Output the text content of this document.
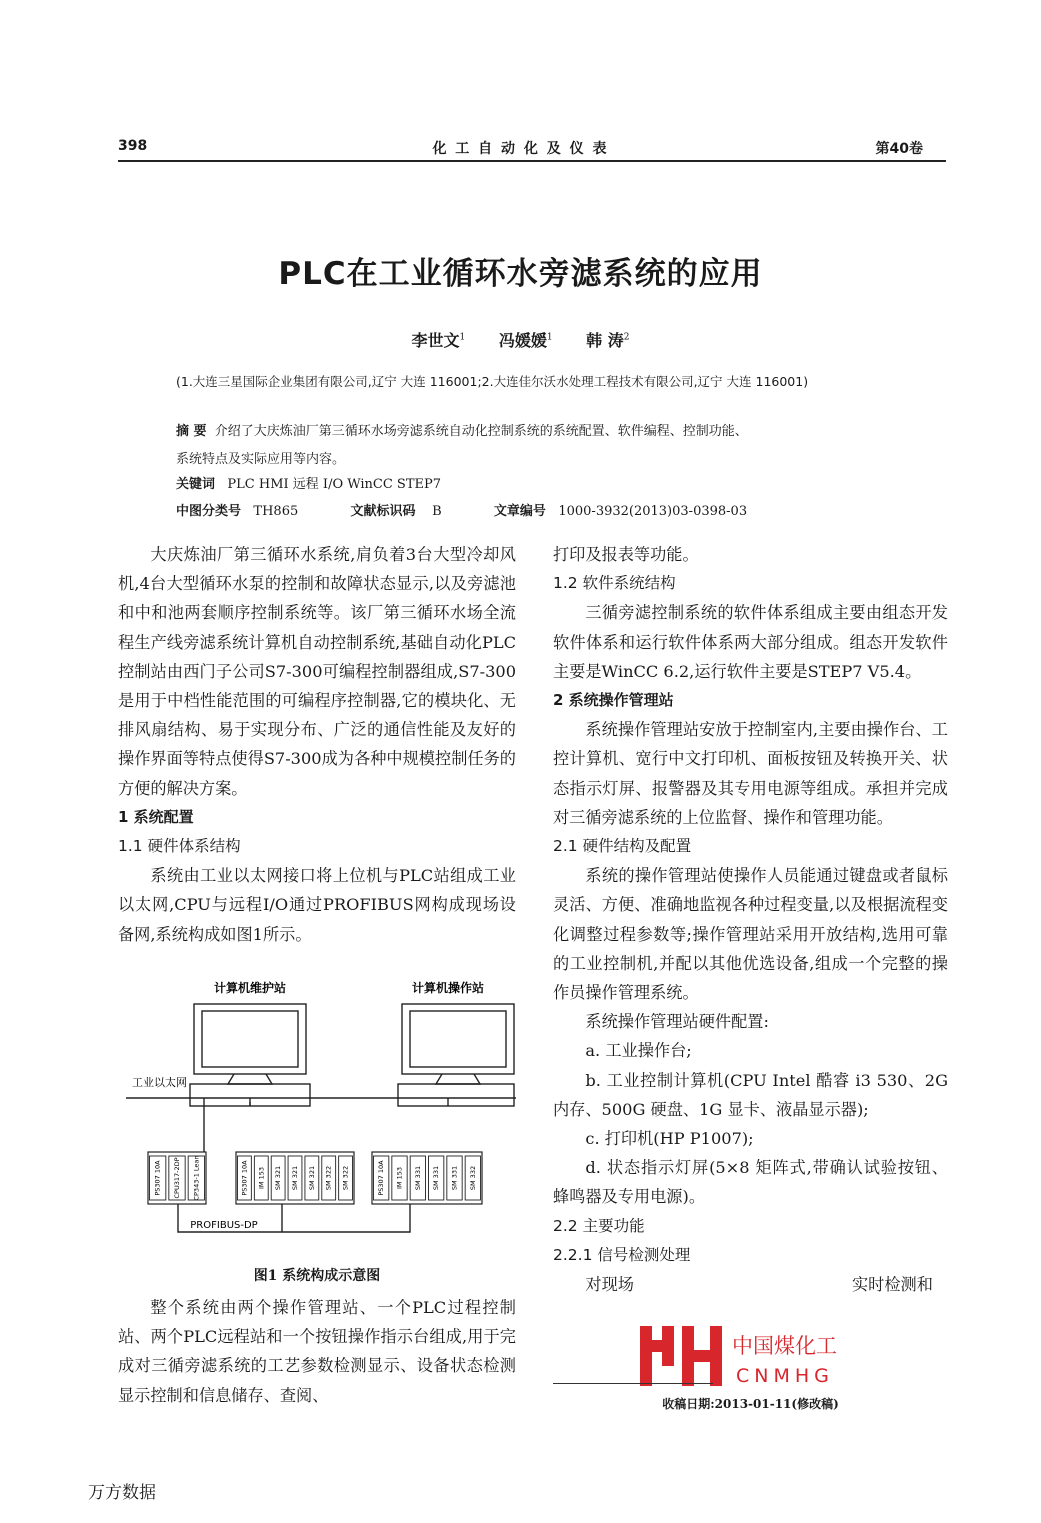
398	化 工 自 动 化 及 仪 表	第40卷
PLC在工业循环水旁滤系统的应用
李世文$^1$ 冯媛媛$^1$ 韩 涛$^2$
(1.大连三星国际企业集团有限公司,辽宁 大连 116001;2.大连佳尔沃水处理工程技术有限公司,辽宁 大连 116001)
摘 要 介绍了大庆炼油厂第三循环水场旁滤系统自动化控制系统的系统配置、软件编程、控制功能、
系统特点及实际应用等内容。
关键词 PLC HMI 远程 I/O WinCC STEP7
中图分类号 TH865	文献标识码 B	文章编号 1000-3932(2013)03-0398-03

大庆炼油厂第三循环水系统,肩负着3台大型冷却风机,4台大型循环水泵的控制和故障状态显示,以及旁滤池和中和池两套顺序控制系统等。该厂第三循环水场全流程生产线旁滤系统计算机自动控制系统,基础自动化PLC控制站由西门子公司S7-300可编程控制器组成,S7-300是用于中档性能范围的可编程序控制器,它的模块化、无排风扇结构、易于实现分布、广泛的通信性能及友好的操作界面等特点使得S7-300成为各种中规模控制任务的方便的解决方案。

1 系统配置

1.1 硬件体系结构

系统由工业以太网接口将上位机与PLC站组成工业以太网,CPU与远程I/O通过PROFIBUS网构成现场设备网,系统构成如图1所示。

计算机维护站	计算机操作站
工业以太网
PS307 10A CPU317-2DP CP343-1 Lean	PS307 10A IM 153 SM 321 SM 321 SM 321 SM 322 SM 322	PS307 10A IM 153 SM 331 SM 331 SM 331 SM 332
PROFIBUS-DP
图1 系统构成示意图

整个系统由两个操作管理站、一个PLC过程控制站、两个PLC远程站和一个按钮操作指示台组成,用于完成对三循旁滤系统的工艺参数检测显示、设备状态检测显示控制和信息储存、查阅、

打印及报表等功能。

1.2 软件系统结构

三循旁滤控制系统的软件体系组成主要由组态开发软件体系和运行软件体系两大部分组成。组态开发软件主要是WinCC 6.2,运行软件主要是STEP7 V5.4。

2 系统操作管理站

系统操作管理站安放于控制室内,主要由操作台、工控计算机、宽行中文打印机、面板按钮及转换开关、状态指示灯屏、报警器及其专用电源等组成。承担并完成对三循旁滤系统的上位监督、操作和管理功能。

2.1 硬件结构及配置

系统的操作管理站使操作人员能通过键盘或者鼠标灵活、方便、准确地监视各种过程变量,以及根据流程变化调整过程参数等;操作管理站采用开放结构,选用可靠的工业控制机,并配以其他优选设备,组成一个完整的操作员操作管理系统。

系统操作管理站硬件配置:

a. 工业操作台;

b. 工业控制计算机(CPU Intel 酷睿 i3 530、2G 内存、500G 硬盘、1G 显卡、液晶显示器);

c. 打印机(HP P1007);

d. 状态指示灯屏(5×8 矩阵式,带确认试验按钮、蜂鸣器及专用电源)。

2.2 主要功能

2.2.1 信号检测处理

对现场	实时检测和

中国煤化工
CNMHG
收稿日期:2013-01-11(修改稿)
万方数据
